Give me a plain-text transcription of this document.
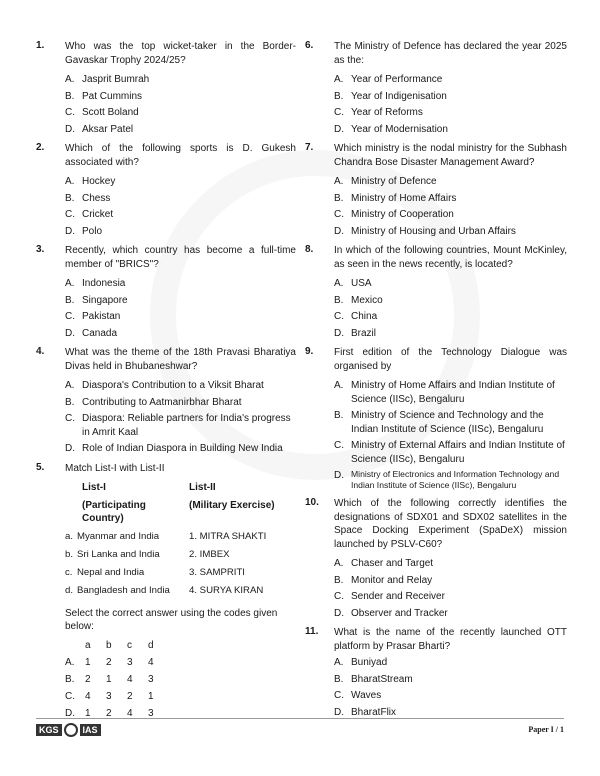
1. Who was the top wicket-taker in the Border-Gavaskar Trophy 2024/25?
A. Jasprit Bumrah
B. Pat Cummins
C. Scott Boland
D. Aksar Patel
2. Which of the following sports is D. Gukesh associated with?
A. Hockey
B. Chess
C. Cricket
D. Polo
3. Recently, which country has become a full-time member of "BRICS"?
A. Indonesia
B. Singapore
C. Pakistan
D. Canada
4. What was the theme of the 18th Pravasi Bharatiya Divas held in Bhubaneshwar?
A. Diaspora's Contribution to a Viksit Bharat
B. Contributing to Aatmanirbhar Bharat
C. Diaspora: Reliable partners for India's progress in Amrit Kaal
D. Role of Indian Diaspora in Building New India
5. Match List-I with List-II
List-I
(Participating Country)
List-II
(Military Exercise)
a. Myanmar and India	1. MITRA SHAKTI
b. Sri Lanka and India	2. IMBEX
c. Nepal and India	3. SAMPRITI
d. Bangladesh and India 4. SURYA KIRAN
Select the correct answer using the codes given below:
a	b	c	d
A.	1	2	3	4
B.	2	1	4	3
C.	4	3	2	1
D.	1	2	4	3
6. The Ministry of Defence has declared the year 2025 as the:
A. Year of Performance
B. Year of Indigenisation
C. Year of Reforms
D. Year of Modernisation
7. Which ministry is the nodal ministry for the Subhash Chandra Bose Disaster Management Award?
A. Ministry of Defence
B. Ministry of Home Affairs
C. Ministry of Cooperation
D. Ministry of Housing and Urban Affairs
8. In which of the following countries, Mount McKinley, as seen in the news recently, is located?
A. USA
B. Mexico
C. China
D. Brazil
9. First edition of the Technology Dialogue was organised by
A. Ministry of Home Affairs and Indian Institute of Science (IISc), Bengaluru
B. Ministry of Science and Technology and the Indian Institute of Science (IISc), Bengaluru
C. Ministry of External Affairs and Indian Institute of Science (IISc), Bengaluru
D. Ministry of Electronics and Information Technology and Indian Institute of Science (IISc), Bengaluru
10. Which of the following correctly identifies the designations of SDX01 and SDX02 satellites in the Space Docking Experiment (SpaDeX) mission launched by PSLV-C60?
A. Chaser and Target
B. Monitor and Relay
C. Sender and Receiver
D. Observer and Tracker
11. What is the name of the recently launched OTT platform by Prasar Bharti?
A. Buniyad
B. BharatStream
C. Waves
D. BharatFlix
KGS	IAS	Paper I / 1
